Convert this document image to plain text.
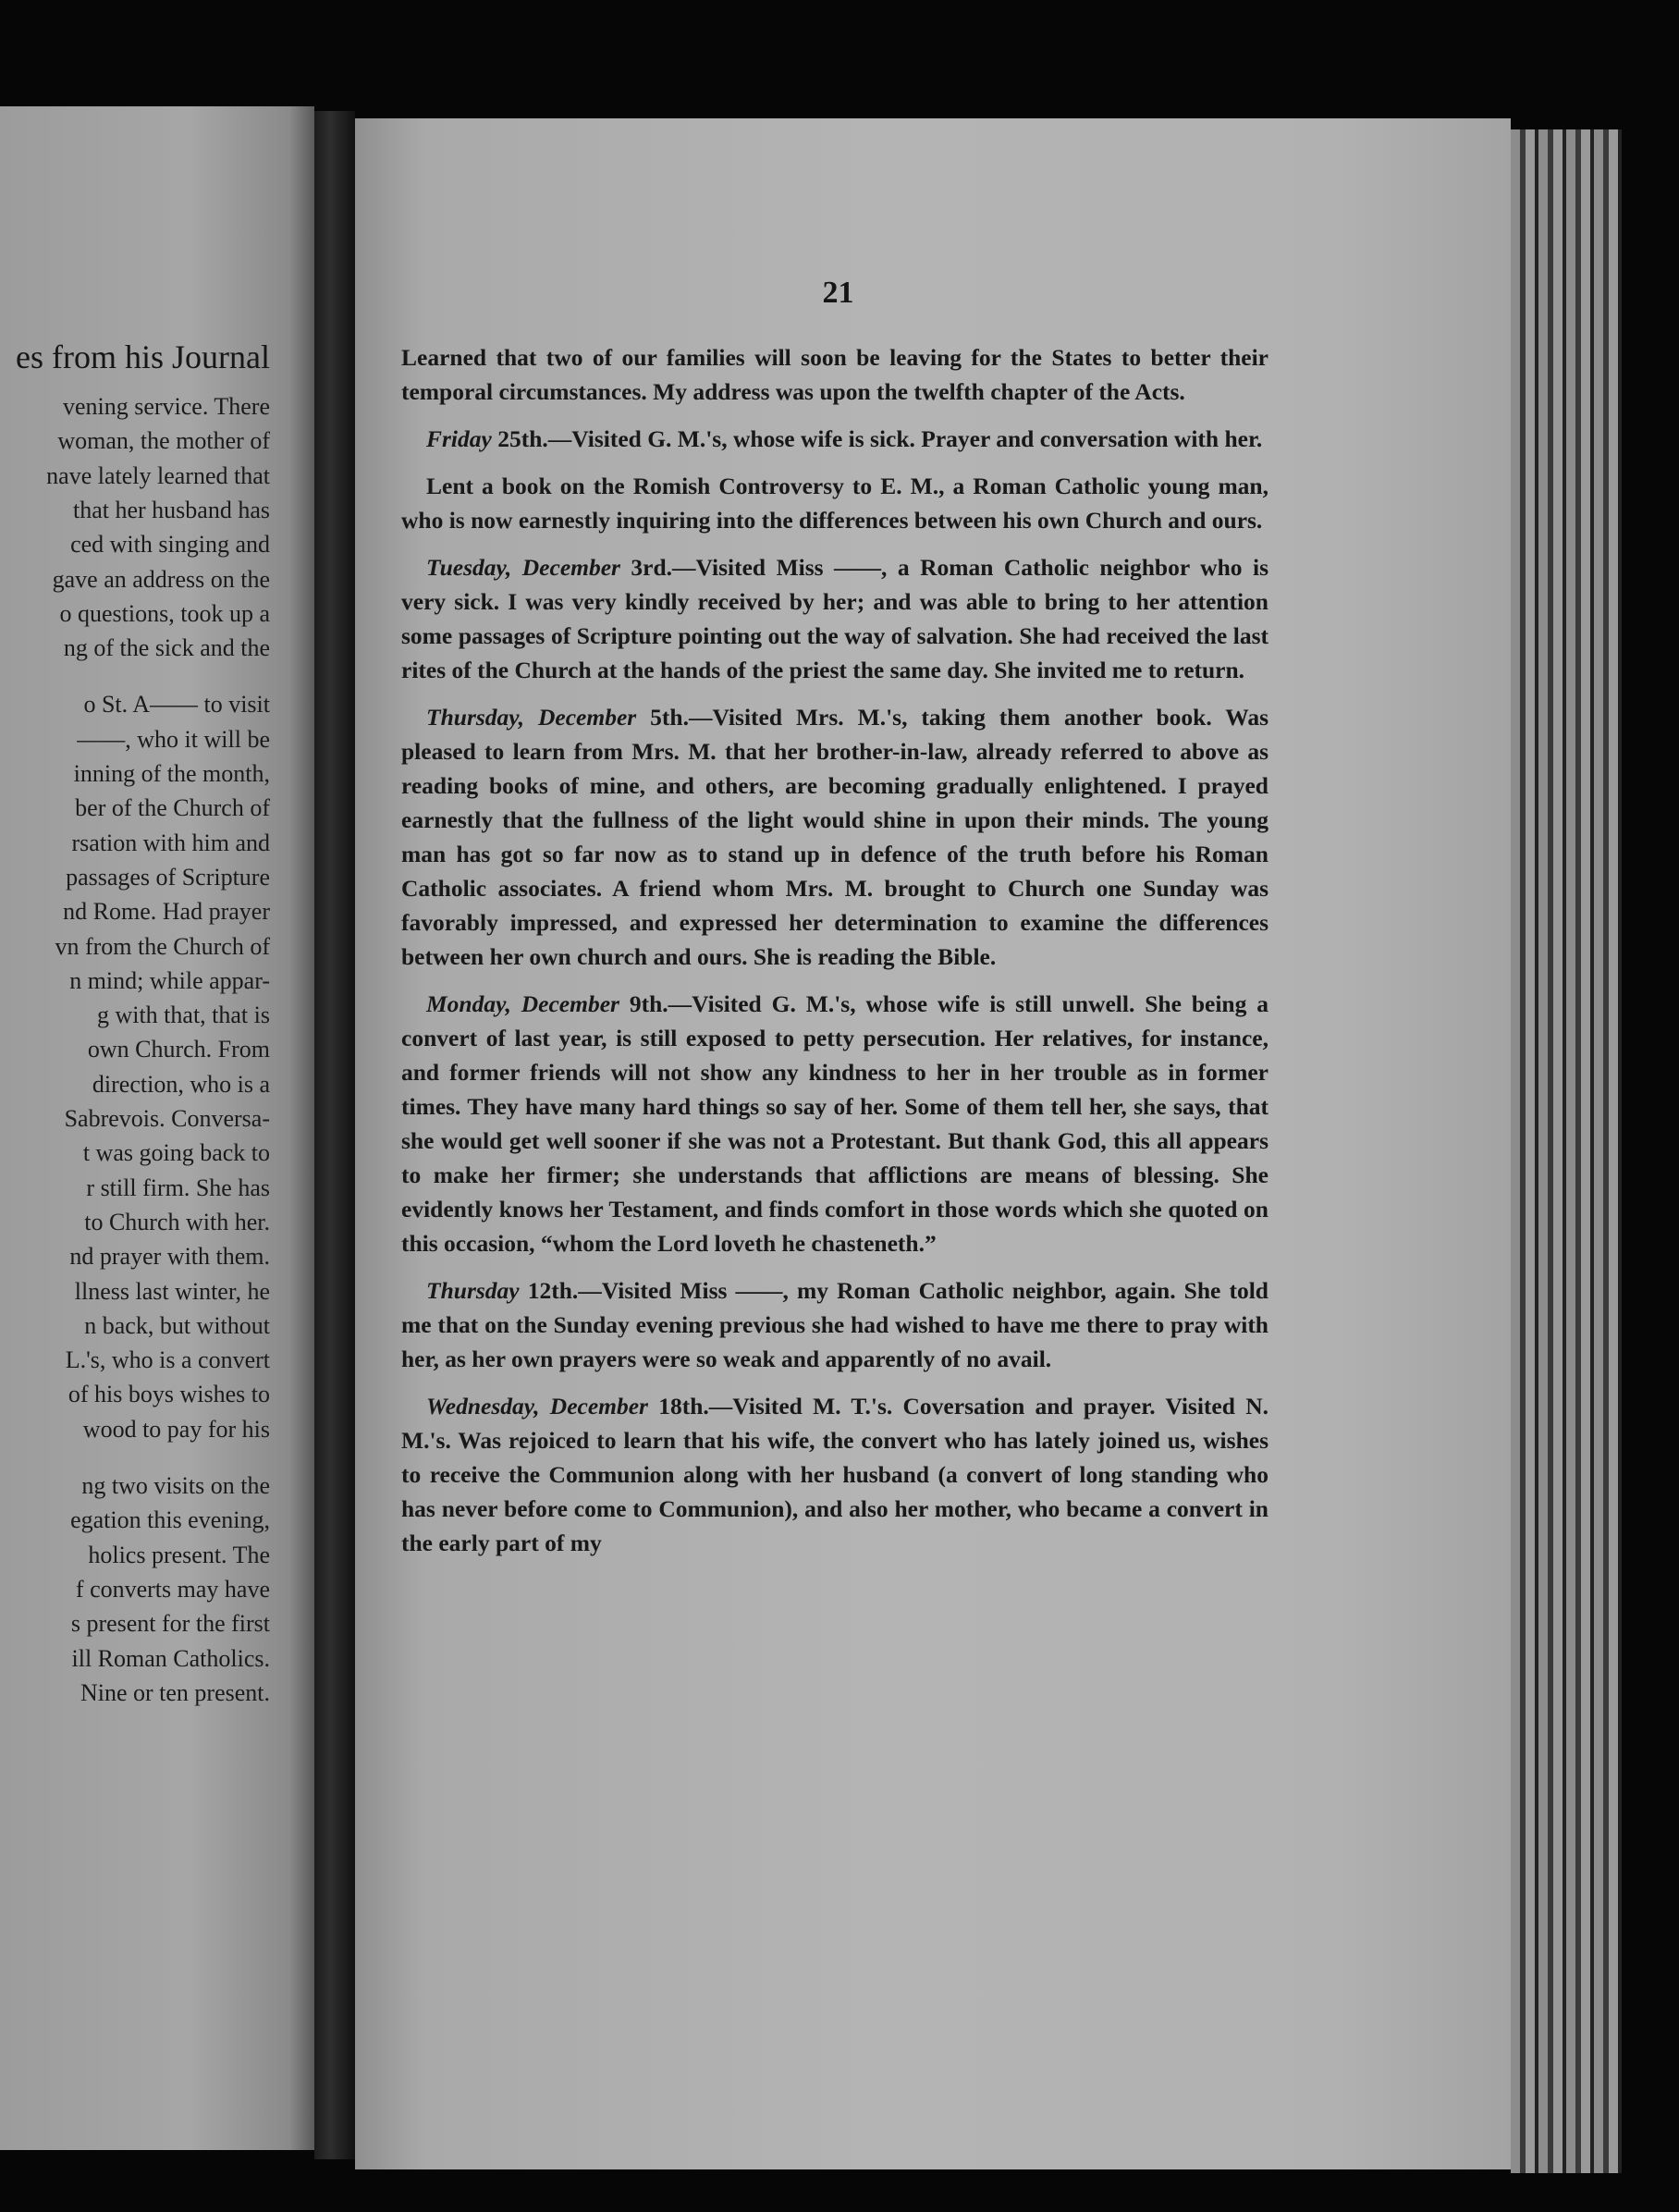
es from his Journal
vening service. There
woman, the mother of
nave lately learned that
that her husband has
ced with singing and
gave an address on the
o questions, took up a
ng of the sick and the
o St. A—— to visit
——, who it will be
inning of the month,
ber of the Church of
rsation with him and
passages of Scripture
nd Rome. Had prayer
vn from the Church of
n mind; while appar-
g with that, that is
own Church. From
direction, who is a
Sabrevois. Conversa-
t was going back to
r still firm. She has
to Church with her.
nd prayer with them.
llness last winter, he
n back, but without
L.'s, who is a convert
of his boys wishes to
wood to pay for his
ng two visits on the
egation this evening,
holics present. The
f converts may have
s present for the first
ill Roman Catholics.
Nine or ten present.
21

Learned that two of our families will soon be leaving for the States to better their temporal circumstances. My address was upon the twelfth chapter of the Acts.

Friday 25th.—Visited G. M.'s, whose wife is sick. Prayer and conversation with her.

Lent a book on the Romish Controversy to E. M., a Roman Catholic young man, who is now earnestly inquiring into the differences between his own Church and ours.

Tuesday, December 3rd.—Visited Miss ——, a Roman Catholic neighbor who is very sick. I was very kindly received by her; and was able to bring to her attention some passages of Scripture pointing out the way of salvation. She had received the last rites of the Church at the hands of the priest the same day. She invited me to return.

Thursday, December 5th.—Visited Mrs. M.'s, taking them another book. Was pleased to learn from Mrs. M. that her brother-in-law, already referred to above as reading books of mine, and others, are becoming gradually enlightened. I prayed earnestly that the fullness of the light would shine in upon their minds. The young man has got so far now as to stand up in defence of the truth before his Roman Catholic associates. A friend whom Mrs. M. brought to Church one Sunday was favorably impressed, and expressed her determination to examine the differences between her own church and ours. She is reading the Bible.

Monday, December 9th.—Visited G. M.'s, whose wife is still unwell. She being a convert of last year, is still exposed to petty persecution. Her relatives, for instance, and former friends will not show any kindness to her in her trouble as in former times. They have many hard things so say of her. Some of them tell her, she says, that she would get well sooner if she was not a Protestant. But thank God, this all appears to make her firmer; she understands that afflictions are means of blessing. She evidently knows her Testament, and finds comfort in those words which she quoted on this occasion, “whom the Lord loveth he chasteneth.”

Thursday 12th.—Visited Miss ——, my Roman Catholic neighbor, again. She told me that on the Sunday evening previous she had wished to have me there to pray with her, as her own prayers were so weak and apparently of no avail.

Wednesday, December 18th.—Visited M. T.'s. Coversation and prayer. Visited N. M.'s. Was rejoiced to learn that his wife, the convert who has lately joined us, wishes to receive the Communion along with her husband (a convert of long standing who has never before come to Communion), and also her mother, who became a convert in the early part of my
